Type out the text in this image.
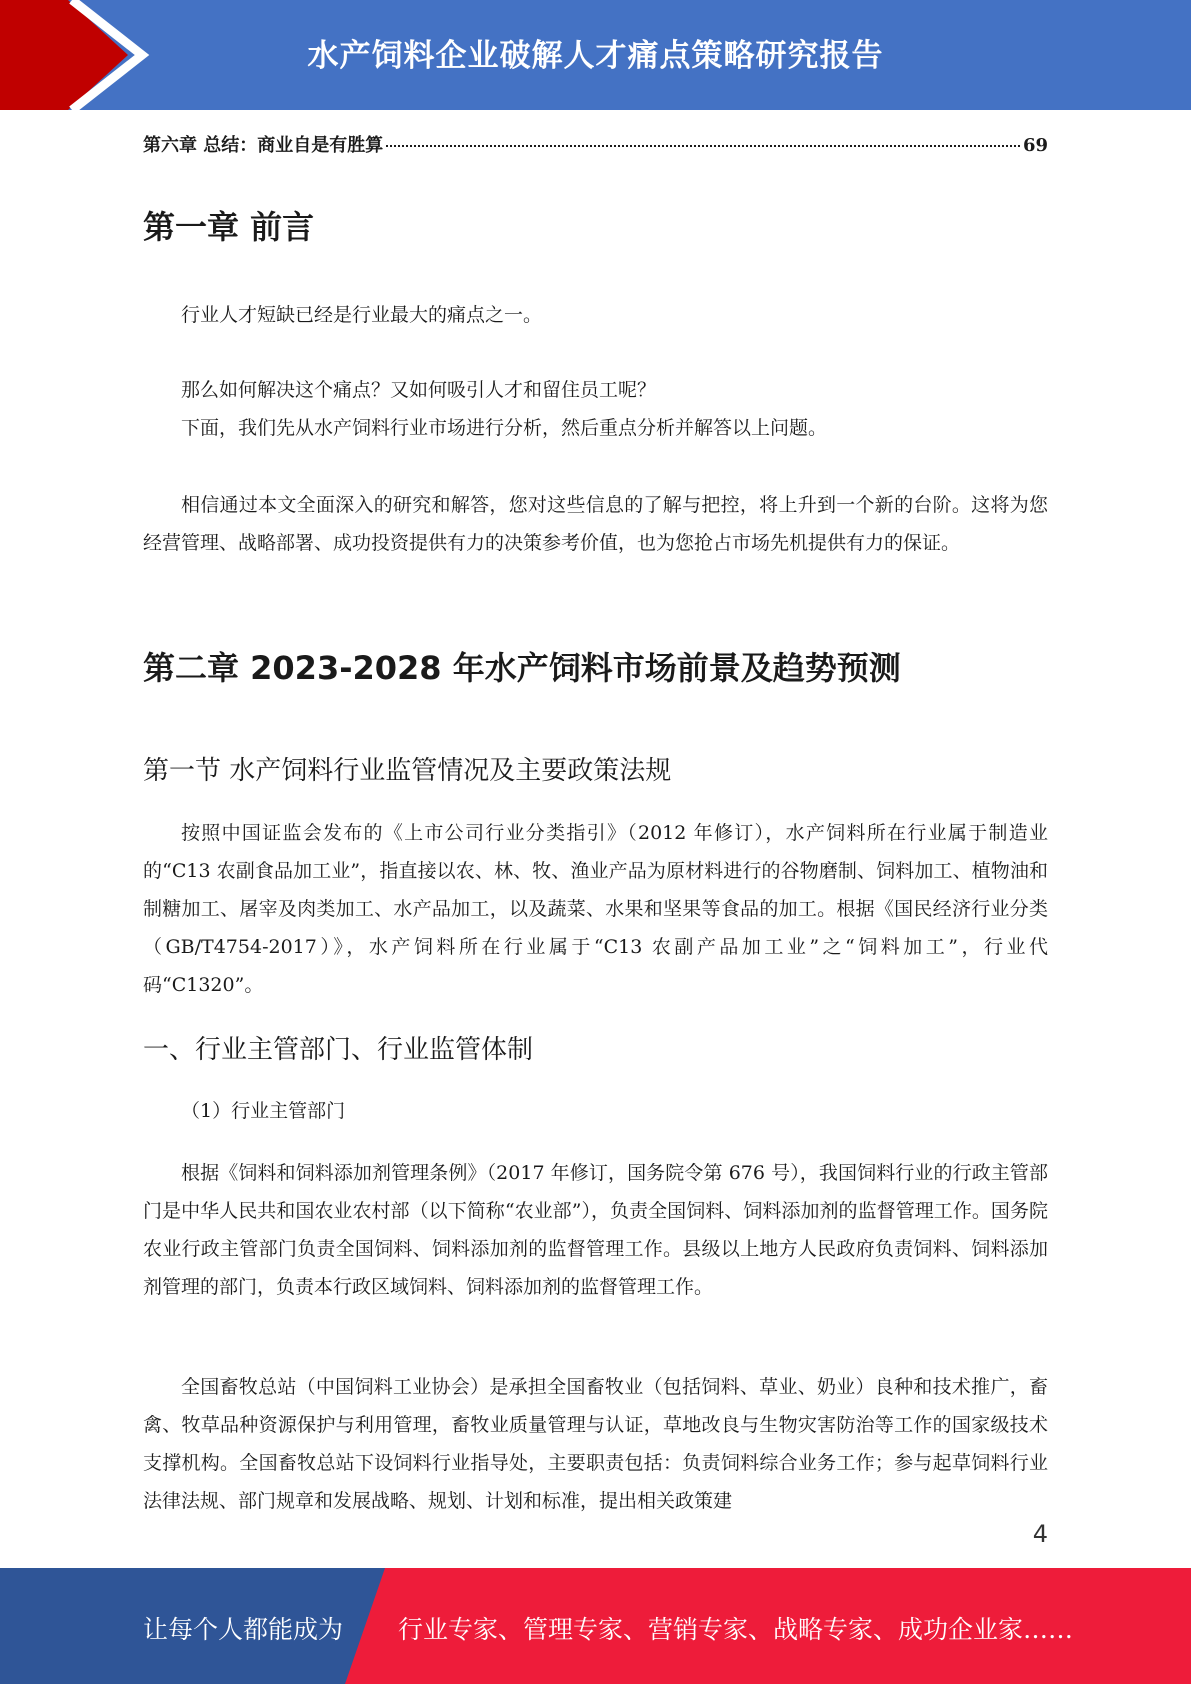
水产饲料企业破解人才痛点策略研究报告
第六章 总结：商业自是有胜算	69
第一章 前言

行业人才短缺已经是行业最大的痛点之一。

那么如何解决这个痛点？又如何吸引人才和留住员工呢？

下面，我们先从水产饲料行业市场进行分析，然后重点分析并解答以上问题。

相信通过本文全面深入的研究和解答，您对这些信息的了解与把控，将上升到一个新的台阶。这将为您经营管理、战略部署、成功投资提供有力的决策参考价值，也为您抢占市场先机提供有力的保证。

第二章 2023-2028 年水产饲料市场前景及趋势预测
第一节 水产饲料行业监管情况及主要政策法规

按照中国证监会发布的《上市公司行业分类指引》（2012 年修订），水产饲料所在行业属于制造业的“C13 农副食品加工业”，指直接以农、林、牧、渔业产品为原材料进行的谷物磨制、饲料加工、植物油和制糖加工、屠宰及肉类加工、水产品加工，以及蔬菜、水果和坚果等食品的加工。根据《国民经济行业分类（GB/T4754-2017）》，水产饲料所在行业属于“C13 农副产品加工业”之“饲料加工”，行业代码“C1320”。

一、行业主管部门、行业监管体制

（1）行业主管部门

根据《饲料和饲料添加剂管理条例》（2017 年修订，国务院令第 676 号），我国饲料行业的行政主管部门是中华人民共和国农业农村部（以下简称“农业部”），负责全国饲料、饲料添加剂的监督管理工作。国务院农业行政主管部门负责全国饲料、饲料添加剂的监督管理工作。县级以上地方人民政府负责饲料、饲料添加剂管理的部门，负责本行政区域饲料、饲料添加剂的监督管理工作。

全国畜牧总站（中国饲料工业协会）是承担全国畜牧业（包括饲料、草业、奶业）良种和技术推广，畜禽、牧草品种资源保护与利用管理，畜牧业质量管理与认证，草地改良与生物灾害防治等工作的国家级技术支撑机构。全国畜牧总站下设饲料行业指导处，主要职责包括：负责饲料综合业务工作；参与起草饲料行业法律法规、部门规章和发展战略、规划、计划和标准，提出相关政策建

4
让每个人都能成为 行业专家、管理专家、营销专家、战略专家、成功企业家……
